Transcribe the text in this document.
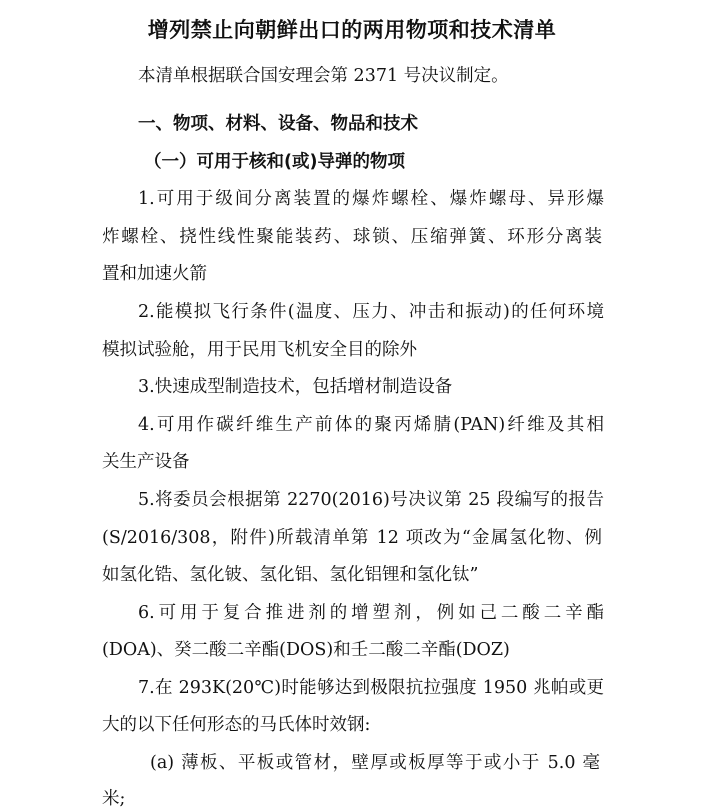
增列禁止向朝鲜出口的两用物项和技术清单
本清单根据联合国安理会第 2371 号决议制定。
一、物项、材料、设备、物品和技术
（一）可用于核和(或)导弹的物项
1.可用于级间分离装置的爆炸螺栓、爆炸螺母、异形爆
炸螺栓、挠性线性聚能装药、球锁、压缩弹簧、环形分离装
置和加速火箭
2.能模拟飞行条件(温度、压力、冲击和振动)的任何环境
模拟试验舱，用于民用飞机安全目的除外
3.快速成型制造技术，包括增材制造设备
4.可用作碳纤维生产前体的聚丙烯腈(PAN)纤维及其相
关生产设备
5.将委员会根据第 2270(2016)号决议第 25 段编写的报告
(S/2016/308，附件)所载清单第 12 项改为“金属氢化物、例
如氢化锆、氢化铍、氢化铝、氢化铝锂和氢化钛”
6.可用于复合推进剂的增塑剂，例如己二酸二辛酯
(DOA)、癸二酸二辛酯(DOS)和壬二酸二辛酯(DOZ)
7.在 293K(20℃)时能够达到极限抗拉强度 1950 兆帕或更
大的以下任何形态的马氏体时效钢:
(a) 薄板、平板或管材，壁厚或板厚等于或小于 5.0 毫
米;
